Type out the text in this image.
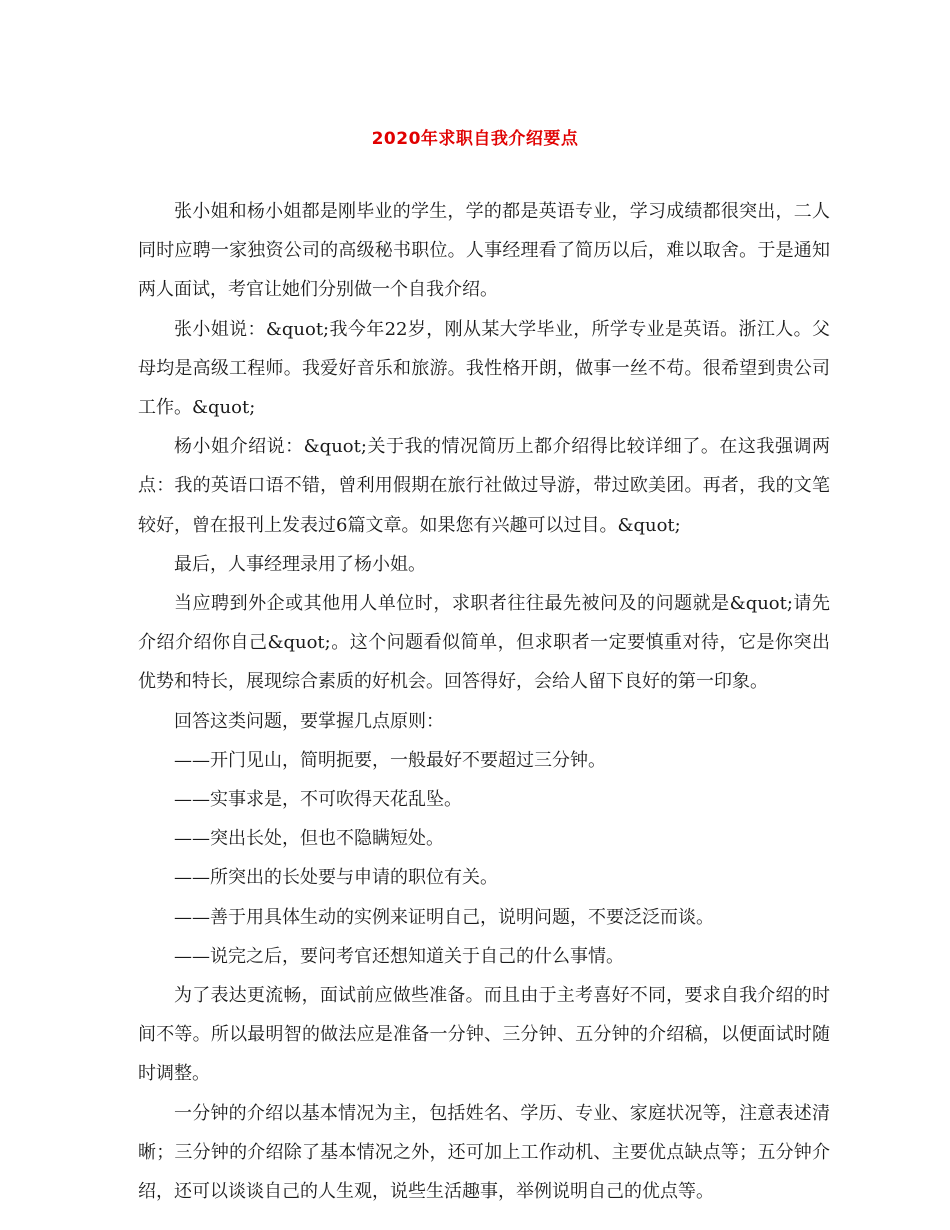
2020年求职自我介绍要点

张小姐和杨小姐都是刚毕业的学生，学的都是英语专业，学习成绩都很突出，二人同时应聘一家独资公司的高级秘书职位。人事经理看了简历以后，难以取舍。于是通知两人面试，考官让她们分别做一个自我介绍。

张小姐说：&quot;我今年22岁，刚从某大学毕业，所学专业是英语。浙江人。父母均是高级工程师。我爱好音乐和旅游。我性格开朗，做事一丝不苟。很希望到贵公司工作。&quot;

杨小姐介绍说：&quot;关于我的情况简历上都介绍得比较详细了。在这我强调两点：我的英语口语不错，曾利用假期在旅行社做过导游，带过欧美团。再者，我的文笔较好，曾在报刊上发表过6篇文章。如果您有兴趣可以过目。&quot;

最后，人事经理录用了杨小姐。

当应聘到外企或其他用人单位时，求职者往往最先被问及的问题就是&quot;请先介绍介绍你自己&quot;。这个问题看似简单，但求职者一定要慎重对待，它是你突出优势和特长，展现综合素质的好机会。回答得好，会给人留下良好的第一印象。

回答这类问题，要掌握几点原则：

——开门见山，简明扼要，一般最好不要超过三分钟。

——实事求是，不可吹得天花乱坠。

——突出长处，但也不隐瞒短处。

——所突出的长处要与申请的职位有关。

——善于用具体生动的实例来证明自己，说明问题，不要泛泛而谈。

——说完之后，要问考官还想知道关于自己的什么事情。

为了表达更流畅，面试前应做些准备。而且由于主考喜好不同，要求自我介绍的时间不等。所以最明智的做法应是准备一分钟、三分钟、五分钟的介绍稿，以便面试时随时调整。

一分钟的介绍以基本情况为主，包括姓名、学历、专业、家庭状况等，注意表述清晰；三分钟的介绍除了基本情况之外，还可加上工作动机、主要优点缺点等；五分钟介绍，还可以谈谈自己的人生观，说些生活趣事，举例说明自己的优点等。
